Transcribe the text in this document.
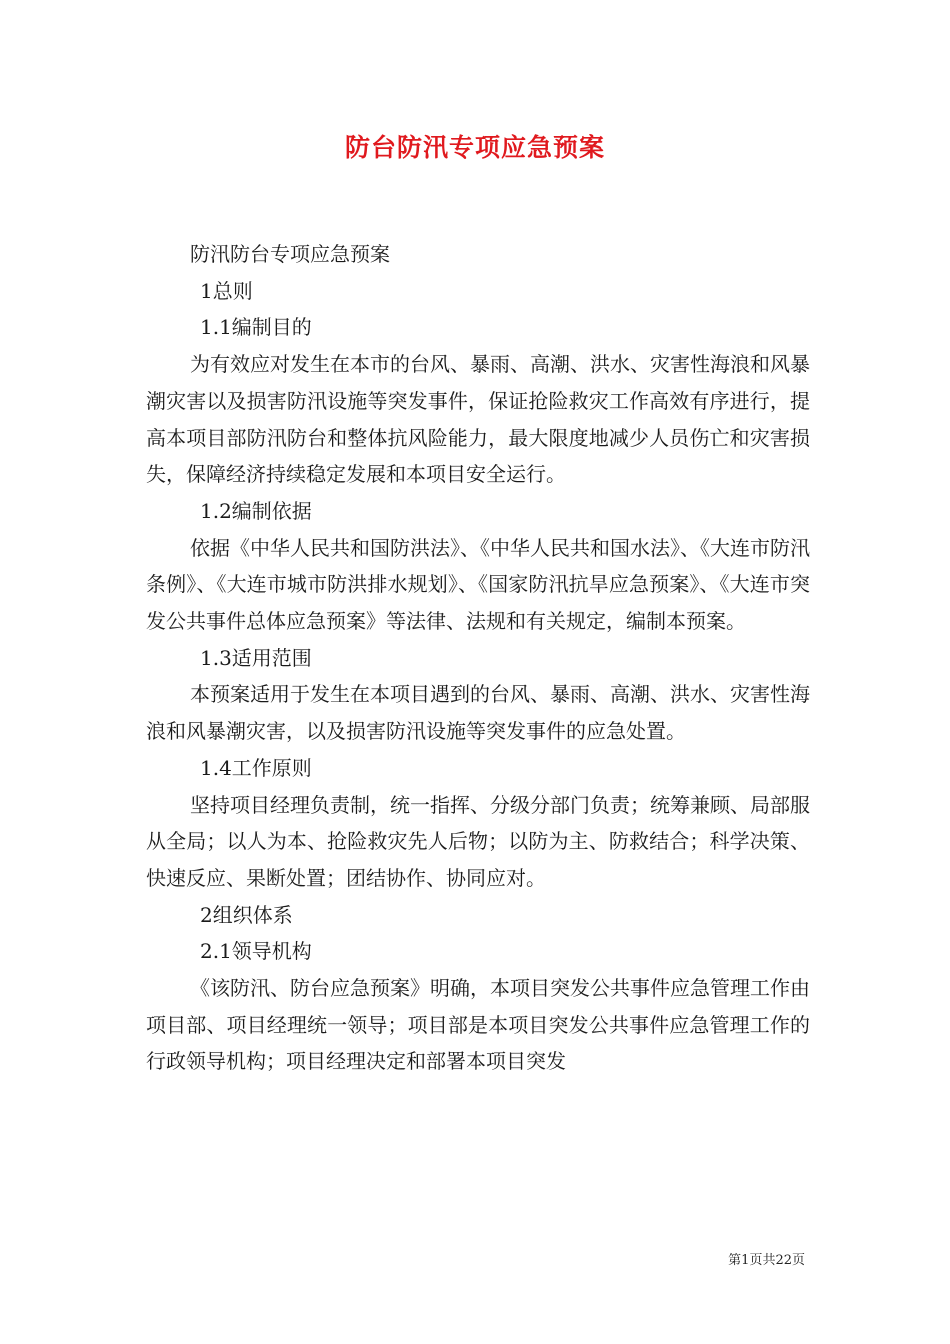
防台防汛专项应急预案

防汛防台专项应急预案

1总则

1.1编制目的

为有效应对发生在本市的台风、暴雨、高潮、洪水、灾害性海浪和风暴潮灾害以及损害防汛设施等突发事件，保证抢险救灾工作高效有序进行，提高本项目部防汛防台和整体抗风险能力，最大限度地减少人员伤亡和灾害损失，保障经济持续稳定发展和本项目安全运行。

1.2编制依据

依据《中华人民共和国防洪法》、《中华人民共和国水法》、《大连市防汛条例》、《大连市城市防洪排水规划》、《国家防汛抗旱应急预案》、《大连市突发公共事件总体应急预案》等法律、法规和有关规定，编制本预案。

1.3适用范围

本预案适用于发生在本项目遇到的台风、暴雨、高潮、洪水、灾害性海浪和风暴潮灾害，以及损害防汛设施等突发事件的应急处置。

1.4工作原则

坚持项目经理负责制，统一指挥、分级分部门负责；统筹兼顾、局部服从全局；以人为本、抢险救灾先人后物；以防为主、防救结合；科学决策、快速反应、果断处置；团结协作、协同应对。

2组织体系

2.1领导机构

《该防汛、防台应急预案》明确，本项目突发公共事件应急管理工作由项目部、项目经理统一领导；项目部是本项目突发公共事件应急管理工作的行政领导机构；项目经理决定和部署本项目突发

第1页共22页
